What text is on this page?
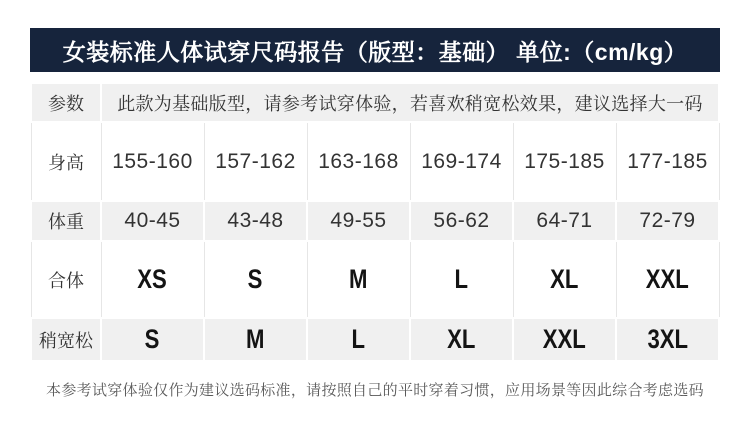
女装标准人体试穿尺码报告（版型：基础） 单位:（cm/kg）
参数	此款为基础版型，请参考试穿体验，若喜欢稍宽松效果，建议选择大一码					
身高	155-160	157-162	163-168	169-174	175-185	177-185
体重	40-45	43-48	49-55	56-62	64-71	72-79
合体	XS	S	M	L	XL	XXL
稍宽松	S	M	L	XL	XXL	3XL
本参考试穿体验仅作为建议选码标准，请按照自己的平时穿着习惯，应用场景等因此综合考虑选码
